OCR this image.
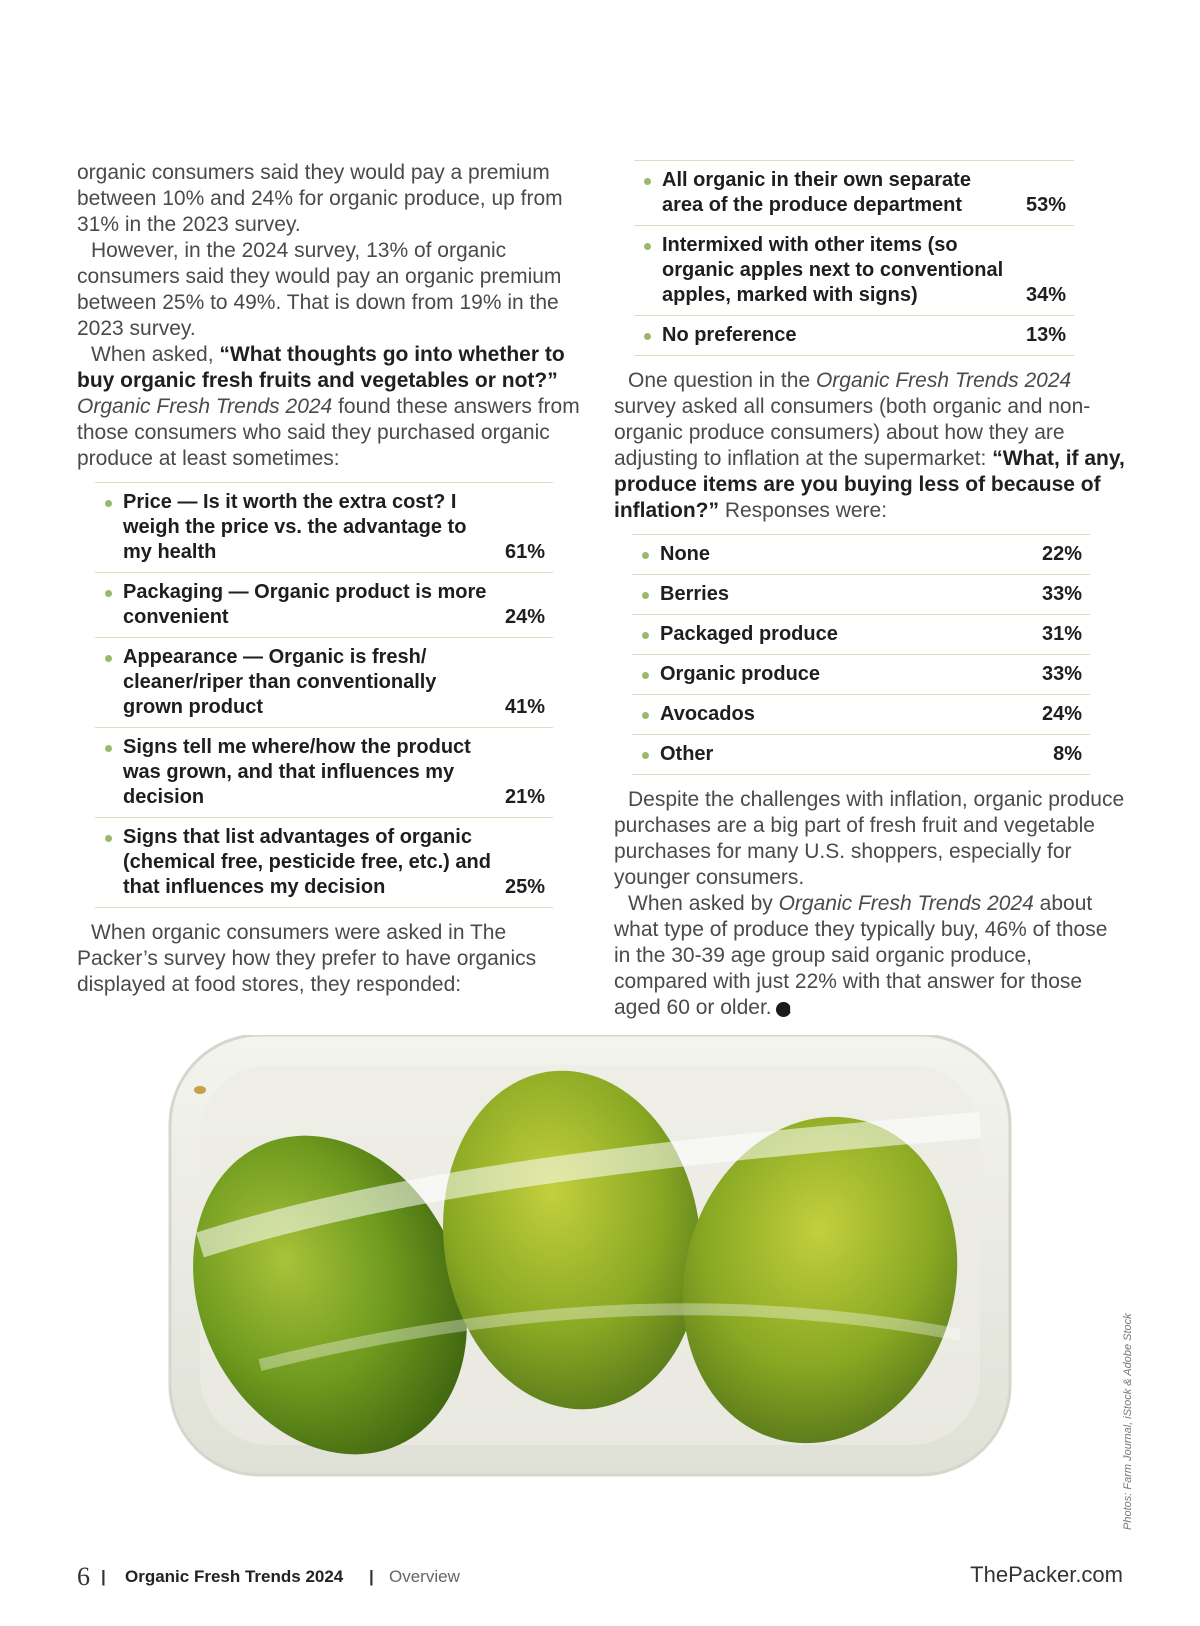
organic consumers said they would pay a premium between 10% and 24% for organic produce, up from 31% in the 2023 survey.

However, in the 2024 survey, 13% of organic consumers said they would pay an organic premium between 25% to 49%. That is down from 19% in the 2023 survey.

When asked, “What thoughts go into whether to buy organic fresh fruits and vegetables or not?” Organic Fresh Trends 2024 found these answers from those consumers who said they purchased organic produce at least sometimes:

Price — Is it worth the extra cost? I weigh the price vs. the advantage to my health	61%
Packaging — Organic product is more convenient	24%
Appearance — Organic is fresh/ cleaner/riper than conventionally grown product	41%
Signs tell me where/how the product was grown, and that influences my decision	21%
Signs that list advantages of organic (chemical free, pesticide free, etc.) and that influences my decision	25%

When organic consumers were asked in The Packer’s survey how they prefer to have organics displayed at food stores, they responded:

All organic in their own separate area of the produce department	53%
Intermixed with other items (so organic apples next to conventional apples, marked with signs)	34%
No preference	13%

One question in the Organic Fresh Trends 2024 survey asked all consumers (both organic and non-organic produce consumers) about how they are adjusting to inflation at the supermarket: “What, if any, produce items are you buying less of because of inflation?” Responses were:

None	22%
Berries	33%
Packaged produce	31%
Organic produce	33%
Avocados	24%
Other	8%

Despite the challenges with inflation, organic produce purchases are a big part of fresh fruit and vegetable purchases for many U.S. shoppers, especially for younger consumers.

When asked by Organic Fresh Trends 2024 about what type of produce they typically buy, 46% of those in the 30-39 age group said organic produce, compared with just 22% with that answer for those aged 60 or older. FT

Photos: Farm Journal, iStock & Adobe Stock
6 | Organic Fresh Trends 2024 | Overview	ThePacker.com
